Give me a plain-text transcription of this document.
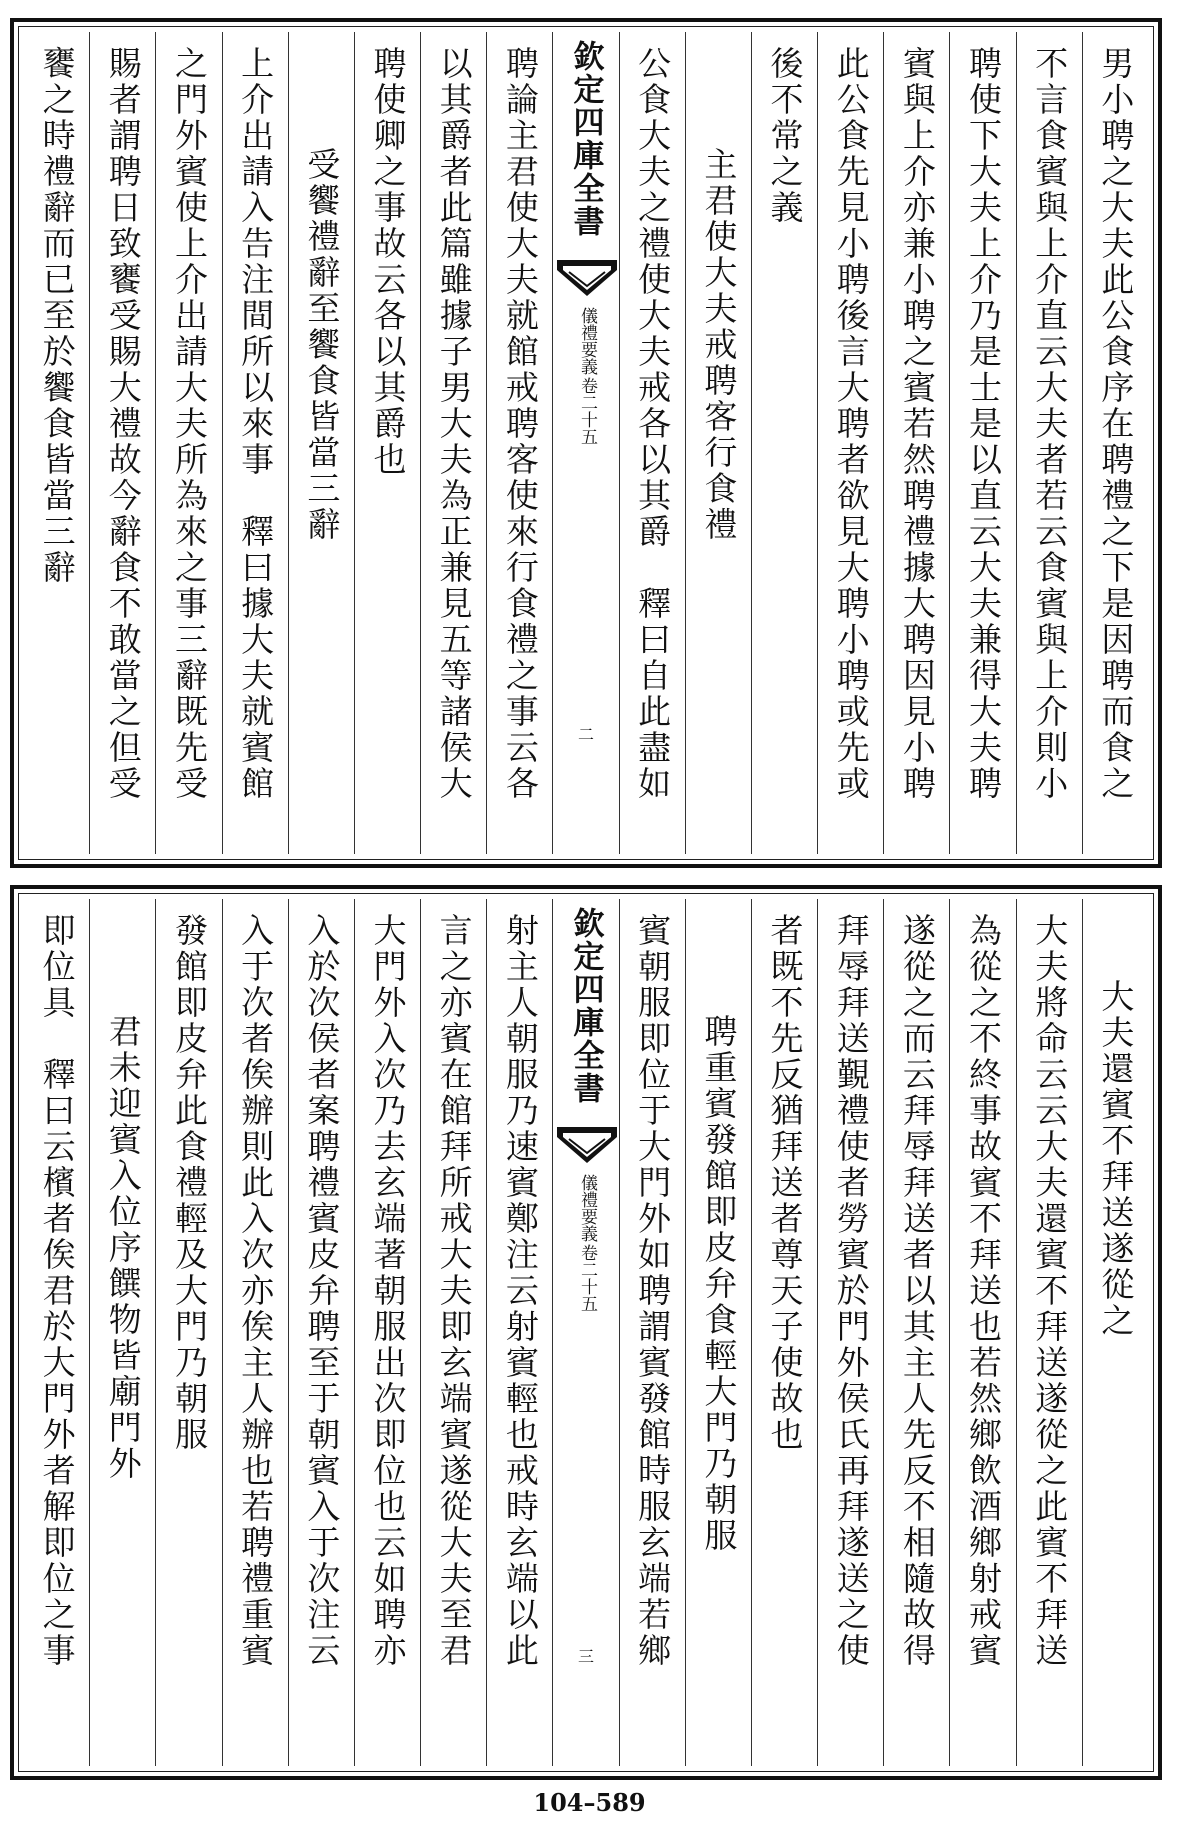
男小聘之大夫此公食序在聘禮之下是因聘而食之
不言食賓與上介直云大夫者若云食賓與上介則小
聘使下大夫上介乃是士是以直云大夫兼得大夫聘
賓與上介亦兼小聘之賓若然聘禮據大聘因見小聘
此公食先見小聘後言大聘者欲見大聘小聘或先或
後不常之義
主君使大夫戒聘客行食禮
公食大夫之禮使大夫戒各以其爵　釋曰自此盡如
欽定四庫全書
儀禮要義
卷二十五
二
聘論主君使大夫就館戒聘客使來行食禮之事云各
以其爵者此篇雖據子男大夫為正兼見五等諸侯大
聘使卿之事故云各以其爵也
受饗禮辭至饗食皆當三辭
上介出請入告注間所以來事　釋曰據大夫就賓館
之門外賓使上介出請大夫所為來之事三辭既先受
賜者謂聘日致饔受賜大禮故今辭食不敢當之但受
饔之時禮辭而已至於饗食皆當三辭
大夫還賓不拜送遂從之
大夫將命云云大夫還賓不拜送遂從之此賓不拜送
為從之不終事故賓不拜送也若然鄉飲酒鄉射戒賓
遂從之而云拜辱拜送者以其主人先反不相隨故得
拜辱拜送覲禮使者勞賓於門外侯氏再拜遂送之使
者既不先反猶拜送者尊天子使故也
聘重賓發館即皮弁食輕大門乃朝服
賓朝服即位于大門外如聘謂賓發館時服玄端若鄉
欽定四庫全書
儀禮要義
卷二十五
三
射主人朝服乃速賓鄭注云射賓輕也戒時玄端以此
言之亦賓在館拜所戒大夫即玄端賓遂從大夫至君
大門外入次乃去玄端著朝服出次即位也云如聘亦
入於次侯者案聘禮賓皮弁聘至于朝賓入于次注云
入于次者俟辦則此入次亦俟主人辦也若聘禮重賓
發館即皮弁此食禮輕及大門乃朝服
君未迎賓入位序饌物皆廟門外
即位具　釋曰云檳者俟君於大門外者解即位之事
104–589
